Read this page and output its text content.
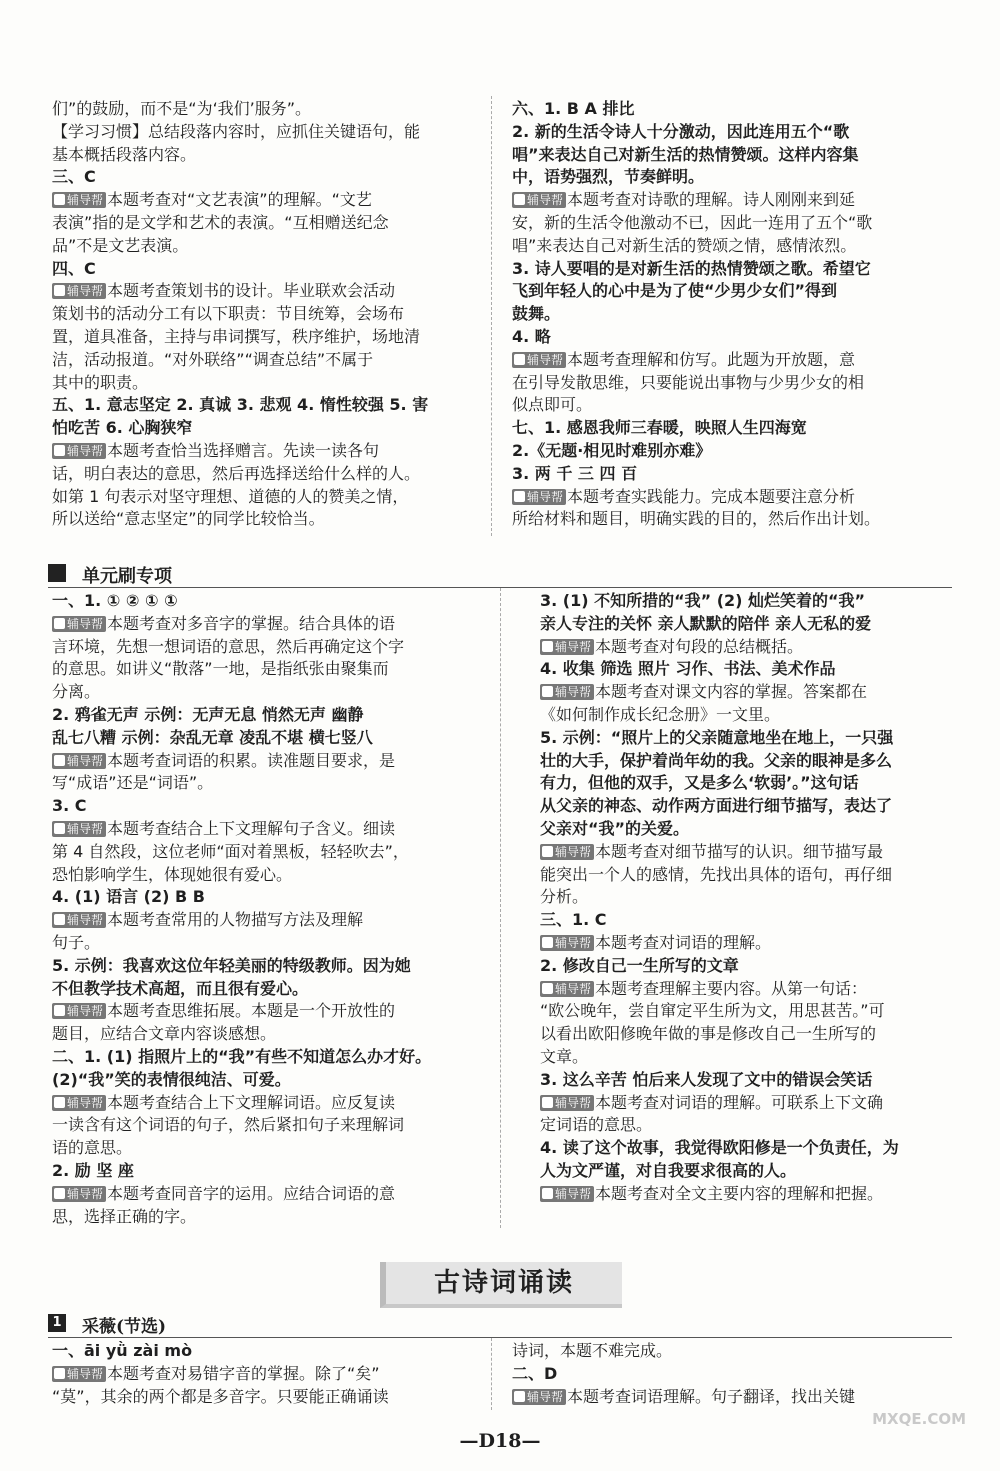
们”的鼓励，而不是“为‘我们’服务”。
【学习习惯】总结段落内容时，应抓住关键语句，能
基本概括段落内容。
三、C
辅导帮 本题考查对“文艺表演”的理解。“文艺
表演”指的是文学和艺术的表演。“互相赠送纪念
品”不是文艺表演。
四、C
辅导帮 本题考查策划书的设计。毕业联欢会活动
策划书的活动分工有以下职责：节目统筹，会场布
置，道具准备，主持与串词撰写，秩序维护，场地清
洁，活动报道。“对外联络”“调查总结”不属于
其中的职责。
五、1. 意志坚定 2. 真诚 3. 悲观 4. 惰性较强 5. 害
怕吃苦 6. 心胸狭窄
辅导帮 本题考查恰当选择赠言。先读一读各句
话，明白表达的意思，然后再选择送给什么样的人。
如第 1 句表示对坚守理想、道德的人的赞美之情，
所以送给“意志坚定”的同学比较恰当。
六、1. B A 排比
2. 新的生活令诗人十分激动，因此连用五个“歌
唱”来表达自己对新生活的热情赞颂。这样内容集
中，语势强烈，节奏鲜明。
辅导帮 本题考查对诗歌的理解。诗人刚刚来到延
安，新的生活令他激动不已，因此一连用了五个“歌
唱”来表达自己对新生活的赞颂之情，感情浓烈。
3. 诗人要唱的是对新生活的热情赞颂之歌。希望它
飞到年轻人的心中是为了使“少男少女们”得到
鼓舞。
4. 略
辅导帮 本题考查理解和仿写。此题为开放题，意
在引导发散思维，只要能说出事物与少男少女的相
似点即可。
七、1. 感恩我师三春暖，映照人生四海宽
2.《无题·相见时难别亦难》
3. 两 千 三 四 百
辅导帮 本题考查实践能力。完成本题要注意分析
所给材料和题目，明确实践的目的，然后作出计划。
单元刷专项
一、1. ① ② ① ①
辅导帮 本题考查对多音字的掌握。结合具体的语
言环境，先想一想词语的意思，然后再确定这个字
的意思。如讲义“散落”一地，是指纸张由聚集而
分离。
2. 鸦雀无声 示例：无声无息 悄然无声 幽静
乱七八糟 示例：杂乱无章 凌乱不堪 横七竖八
辅导帮 本题考查词语的积累。读准题目要求，是
写“成语”还是“词语”。
3. C
辅导帮 本题考查结合上下文理解句子含义。细读
第 4 自然段，这位老师“面对着黑板，轻轻吹去”，
恐怕影响学生，体现她很有爱心。
4. (1) 语言 (2) B B
辅导帮 本题考查常用的人物描写方法及理解
句子。
5. 示例：我喜欢这位年轻美丽的特级教师。因为她
不但教学技术高超，而且很有爱心。
辅导帮 本题考查思维拓展。本题是一个开放性的
题目，应结合文章内容谈感想。
二、1. (1) 指照片上的“我”有些不知道怎么办才好。
(2)“我”笑的表情很纯洁、可爱。
辅导帮 本题考查结合上下文理解词语。应反复读
一读含有这个词语的句子，然后紧扣句子来理解词
语的意思。
2. 励 坚 座
辅导帮 本题考查同音字的运用。应结合词语的意
思，选择正确的字。
3. (1) 不知所措的“我” (2) 灿烂笑着的“我”
亲人专注的关怀 亲人默默的陪伴 亲人无私的爱
辅导帮 本题考查对句段的总结概括。
4. 收集 筛选 照片 习作、书法、美术作品
辅导帮 本题考查对课文内容的掌握。答案都在
《如何制作成长纪念册》一文里。
5. 示例：“照片上的父亲随意地坐在地上，一只强
壮的大手，保护着尚年幼的我。父亲的眼神是多么
有力，但他的双手，又是多么‘软弱’。”这句话
从父亲的神态、动作两方面进行细节描写，表达了
父亲对“我”的关爱。
辅导帮 本题考查对细节描写的认识。细节描写最
能突出一个人的感情，先找出具体的语句，再仔细
分析。
三、1. C
辅导帮 本题考查对词语的理解。
2. 修改自己一生所写的文章
辅导帮 本题考查理解主要内容。从第一句话：
“欧公晚年，尝自窜定平生所为文，用思甚苦。”可
以看出欧阳修晚年做的事是修改自己一生所写的
文章。
3. 这么辛苦 怕后来人发现了文中的错误会笑话
辅导帮 本题考查对词语的理解。可联系上下文确
定词语的意思。
4. 读了这个故事，我觉得欧阳修是一个负责任，为
人为文严谨，对自我要求很高的人。
辅导帮 本题考查对全文主要内容的理解和把握。
古诗词诵读
1 采薇(节选)
一、āi yǜ zài mò
辅导帮 本题考查对易错字音的掌握。除了“矣”
“莫”，其余的两个都是多音字。只要能正确诵读
诗词，本题不难完成。
二、D
辅导帮 本题考查词语理解。句子翻译，找出关键
—D18—
MXQE.COM
